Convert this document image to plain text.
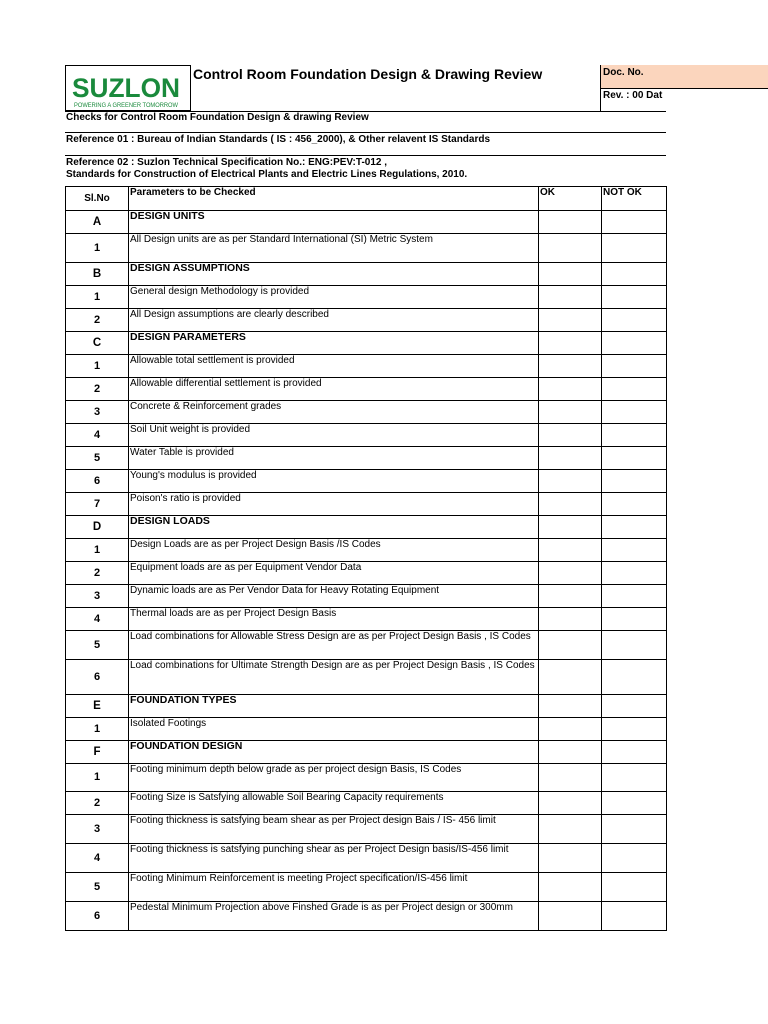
SUZLON
POWERING A GREENER TOMORROW
Control Room Foundation Design & Drawing Review	Doc. No.
Rev. : 00 Dat
Checks for Control Room Foundation Design & drawing Review
Reference 01 : Bureau of Indian Standards ( IS : 456_2000), & Other relavent IS Standards
Reference 02 : Suzlon Technical Specification No.: ENG:PEV:T-012 ,
Standards for Construction of Electrical Plants and Electric Lines Regulations, 2010.
Sl.No	Parameters to be Checked	OK	NOT OK
A	DESIGN UNITS		
1	All Design units are as per Standard International (SI) Metric System		
B	DESIGN ASSUMPTIONS		
1	General design Methodology is provided		
2	All Design assumptions are clearly described		
C	DESIGN PARAMETERS		
1	Allowable total settlement is provided		
2	Allowable differential settlement is provided		
3	Concrete & Reinforcement grades		
4	Soil Unit weight is provided		
5	Water Table is provided		
6	Young's modulus is provided		
7	Poison's ratio is provided		
D	DESIGN LOADS		
1	Design Loads are as per Project Design Basis /IS Codes		
2	Equipment loads are as per Equipment Vendor Data		
3	Dynamic loads are as Per Vendor Data for Heavy Rotating Equipment		
4	Thermal loads are as per Project Design Basis		
5	Load combinations for Allowable Stress Design are as per Project Design Basis , IS Codes		
6	Load combinations for Ultimate Strength Design are as per Project Design Basis , IS Codes		
E	FOUNDATION TYPES		
1	Isolated Footings		
F	FOUNDATION DESIGN		
1	Footing minimum depth below grade as per project design Basis, IS Codes		
2	Footing Size is Satsfying allowable Soil Bearing Capacity requirements		
3	Footing thickness is satsfying beam shear as per Project design Bais / IS- 456 limit		
4	Footing thickness is satsfying punching shear as per Project Design basis/IS-456 limit		
5	Footing Minimum Reinforcement is meeting Project specification/IS-456 limit		
6	Pedestal Minimum Projection above Finshed Grade is as per Project design or 300mm		
